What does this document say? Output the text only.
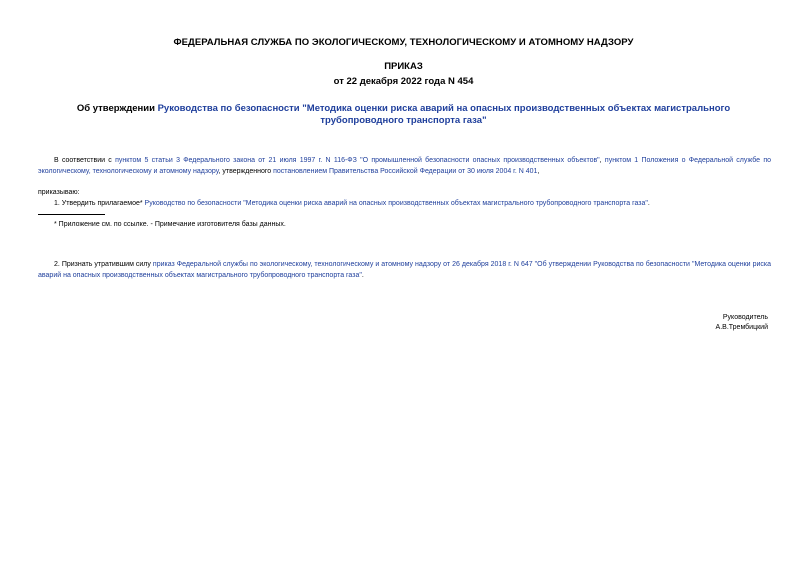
ФЕДЕРАЛЬНАЯ СЛУЖБА ПО ЭКОЛОГИЧЕСКОМУ, ТЕХНОЛОГИЧЕСКОМУ И АТОМНОМУ НАДЗОРУ
ПРИКАЗ
от 22 декабря 2022 года N 454
Об утверждении Руководства по безопасности "Методика оценки риска аварий на опасных производственных объектах магистрального трубопроводного транспорта газа"
В соответствии с пунктом 5 статьи 3 Федерального закона от 21 июля 1997 г. N 116-ФЗ "О промышленной безопасности опасных производственных объектов", пунктом 1 Положения о Федеральной службе по экологическому, технологическому и атомному надзору, утвержденного постановлением Правительства Российской Федерации от 30 июля 2004 г. N 401,
приказываю:
1. Утвердить прилагаемое* Руководство по безопасности "Методика оценки риска аварий на опасных производственных объектах магистрального трубопроводного транспорта газа".
* Приложение см. по ссылке. - Примечание изготовителя базы данных.
2. Признать утратившим силу приказ Федеральной службы по экологическому, технологическому и атомному надзору от 26 декабря 2018 г. N 647 "Об утверждении Руководства по безопасности "Методика оценки риска аварий на опасных производственных объектах магистрального трубопроводного транспорта газа".
Руководитель
А.В.Трембицкий
